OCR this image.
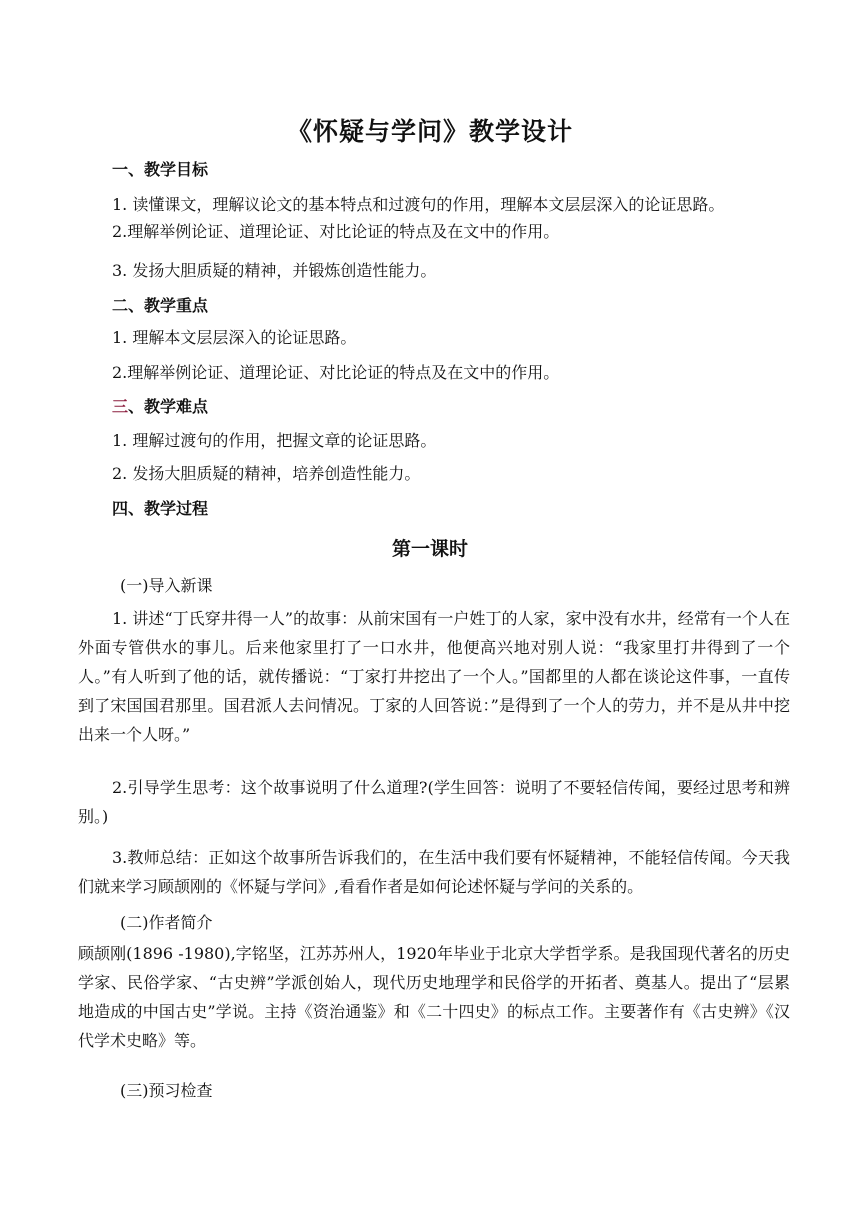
《怀疑与学问》教学设计
一、教学目标
1. 读懂课文，理解议论文的基本特点和过渡句的作用，理解本文层层深入的论证思路。
2.理解举例论证、道理论证、对比论证的特点及在文中的作用。
3. 发扬大胆质疑的精神，并锻炼创造性能力。
二、教学重点
1. 理解本文层层深入的论证思路。
2.理解举例论证、道理论证、对比论证的特点及在文中的作用。
三、教学难点
1. 理解过渡句的作用，把握文章的论证思路。
2. 发扬大胆质疑的精神，培养创造性能力。
四、教学过程
第一课时
(一)导入新课
1. 讲述“丁氏穿井得一人”的故事：从前宋国有一户姓丁的人家，家中没有水井，经常有一个人在外面专管供水的事儿。后来他家里打了一口水井，他便高兴地对别人说：“我家里打井得到了一个人。”有人听到了他的话，就传播说：“丁家打井挖出了一个人。”国都里的人都在谈论这件事，一直传到了宋国国君那里。国君派人去问情况。丁家的人回答说：”是得到了一个人的劳力，并不是从井中挖出来一个人呀。”
2.引导学生思考：这个故事说明了什么道理?(学生回答：说明了不要轻信传闻，要经过思考和辨别。)
3.教师总结：正如这个故事所告诉我们的，在生活中我们要有怀疑精神，不能轻信传闻。今天我们就来学习顾颉刚的《怀疑与学问》,看看作者是如何论述怀疑与学问的关系的。
(二)作者简介
顾颉刚(1896 -1980),字铭坚，江苏苏州人，1920年毕业于北京大学哲学系。是我国现代著名的历史学家、民俗学家、“古史辨”学派创始人，现代历史地理学和民俗学的开拓者、奠基人。提出了“层累地造成的中国古史”学说。主持《资治通鉴》和《二十四史》的标点工作。主要著作有《古史辨》《汉代学术史略》等。
(三)预习检查
